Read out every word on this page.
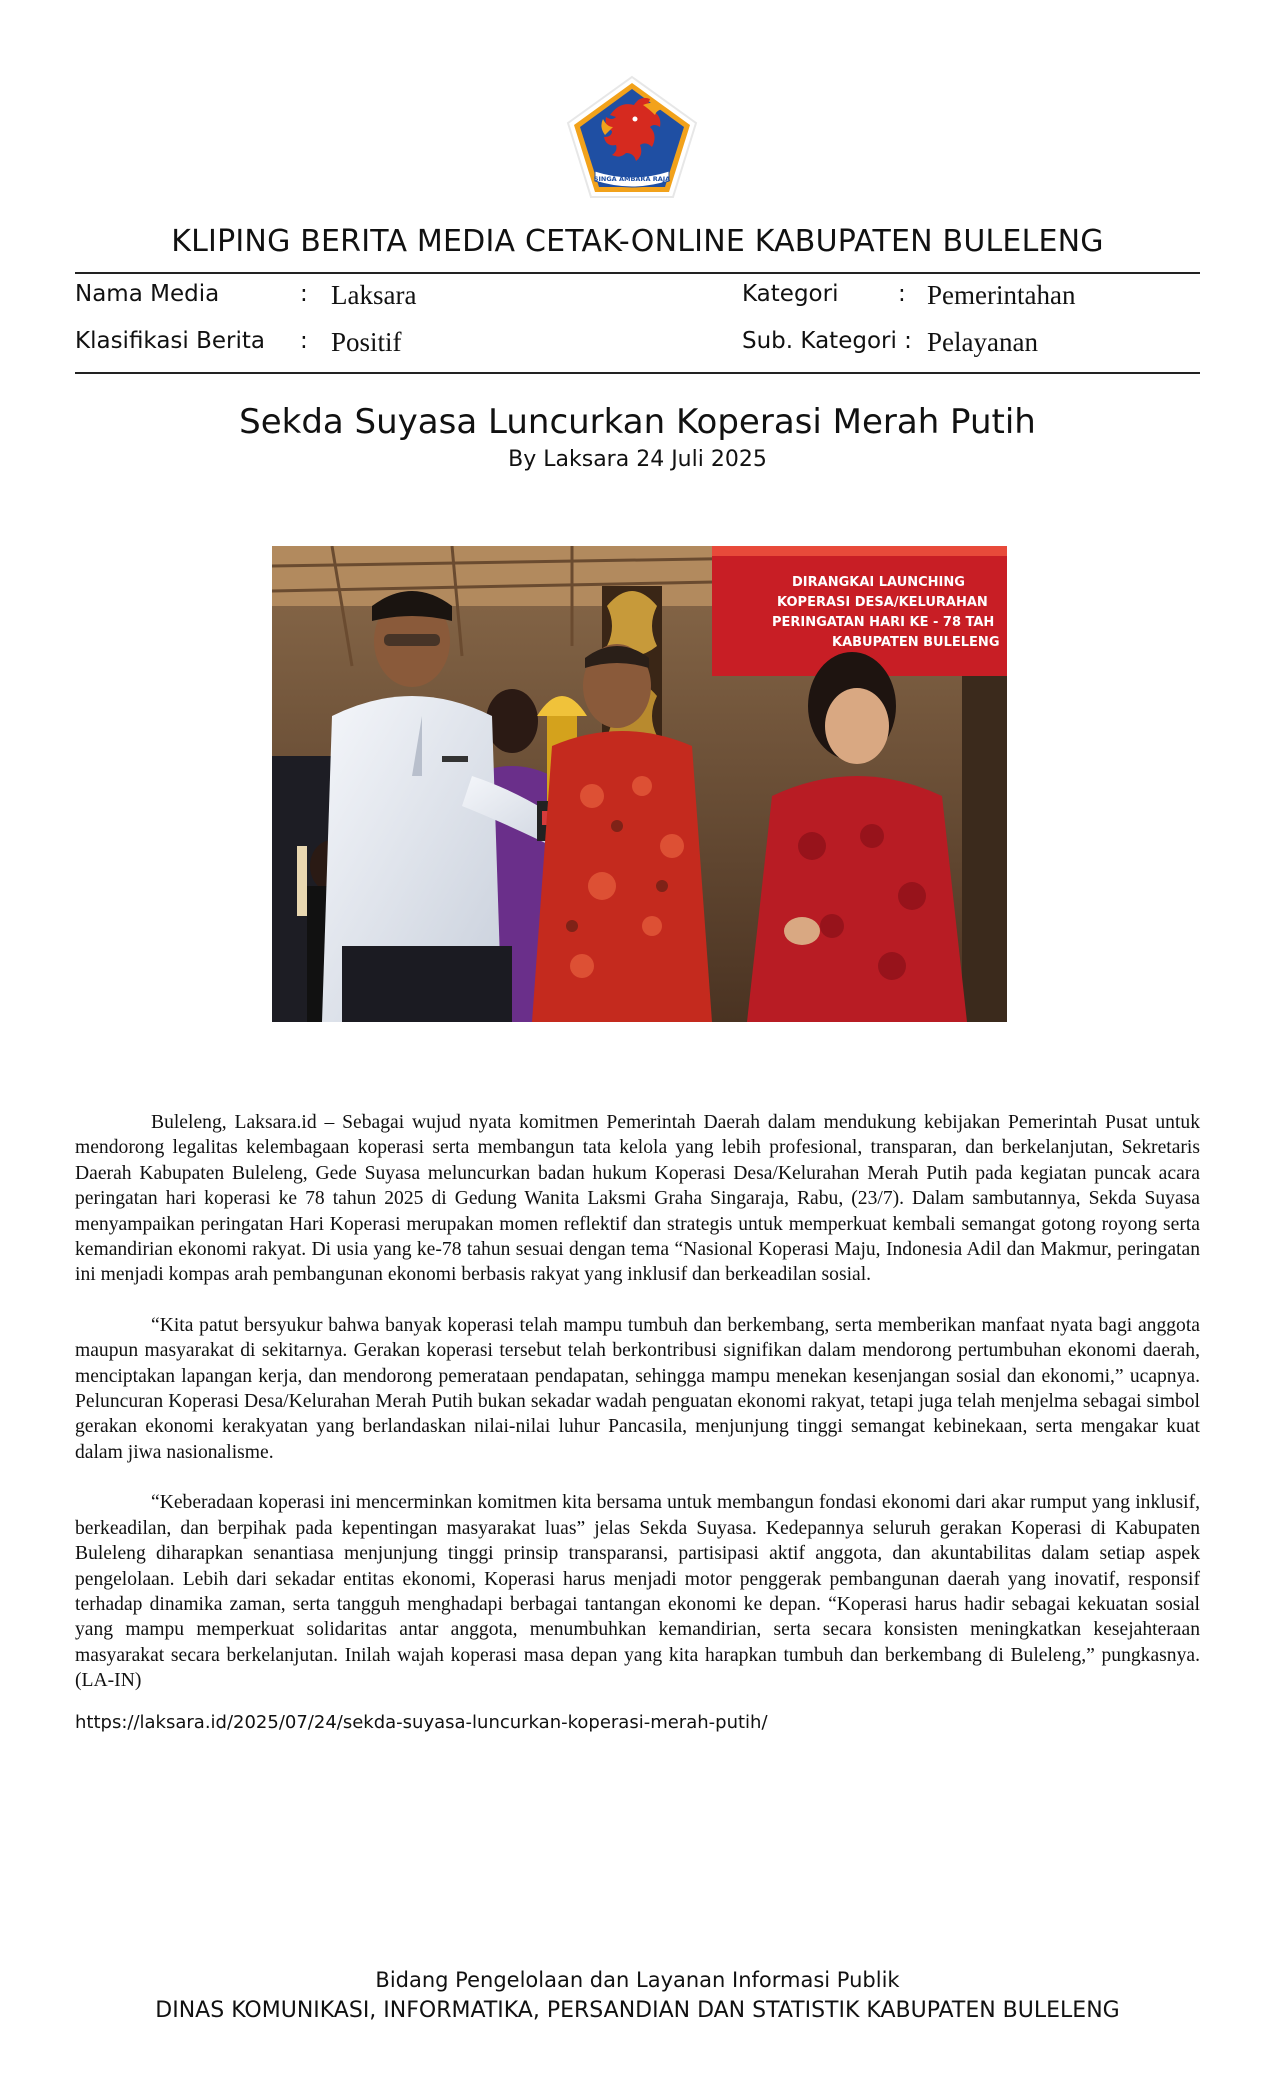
SINGA AMBARA RAJA
KLIPING BERITA MEDIA CETAK-ONLINE KABUPATEN BULELENG
Nama Media	: Laksara
Klasifikasi Berita : Positif
Kategori	: Pemerintahan
Sub. Kategori : Pelayanan
Sekda Suyasa Luncurkan Koperasi Merah Putih
By Laksara 24 Juli 2025
DIRANGKAI LAUNCHING
KOPERASI DESA/KELURAHAN
PERINGATAN HARI KE - 78 TAH
KABUPATEN BULELENG

Buleleng, Laksara.id – Sebagai wujud nyata komitmen Pemerintah Daerah dalam mendukung kebijakan Pemerintah Pusat untuk mendorong legalitas kelembagaan koperasi serta membangun tata kelola yang lebih profesional, transparan, dan berkelanjutan, Sekretaris Daerah Kabupaten Buleleng, Gede Suyasa meluncurkan badan hukum Koperasi Desa/Kelurahan Merah Putih pada kegiatan puncak acara peringatan hari koperasi ke 78 tahun 2025 di Gedung Wanita Laksmi Graha Singaraja, Rabu, (23/7). Dalam sambutannya, Sekda Suyasa menyampaikan peringatan Hari Koperasi merupakan momen reflektif dan strategis untuk memperkuat kembali semangat gotong royong serta kemandirian ekonomi rakyat. Di usia yang ke-78 tahun sesuai dengan tema “Nasional Koperasi Maju, Indonesia Adil dan Makmur, peringatan ini menjadi kompas arah pembangunan ekonomi berbasis rakyat yang inklusif dan berkeadilan sosial.

“Kita patut bersyukur bahwa banyak koperasi telah mampu tumbuh dan berkembang, serta memberikan manfaat nyata bagi anggota maupun masyarakat di sekitarnya. Gerakan koperasi tersebut telah berkontribusi signifikan dalam mendorong pertumbuhan ekonomi daerah, menciptakan lapangan kerja, dan mendorong pemerataan pendapatan, sehingga mampu menekan kesenjangan sosial dan ekonomi,” ucapnya. Peluncuran Koperasi Desa/Kelurahan Merah Putih bukan sekadar wadah penguatan ekonomi rakyat, tetapi juga telah menjelma sebagai simbol gerakan ekonomi kerakyatan yang berlandaskan nilai-nilai luhur Pancasila, menjunjung tinggi semangat kebinekaan, serta mengakar kuat dalam jiwa nasionalisme.

“Keberadaan koperasi ini mencerminkan komitmen kita bersama untuk membangun fondasi ekonomi dari akar rumput yang inklusif, berkeadilan, dan berpihak pada kepentingan masyarakat luas” jelas Sekda Suyasa. Kedepannya seluruh gerakan Koperasi di Kabupaten Buleleng diharapkan senantiasa menjunjung tinggi prinsip transparansi, partisipasi aktif anggota, dan akuntabilitas dalam setiap aspek pengelolaan. Lebih dari sekadar entitas ekonomi, Koperasi harus menjadi motor penggerak pembangunan daerah yang inovatif, responsif terhadap dinamika zaman, serta tangguh menghadapi berbagai tantangan ekonomi ke depan. “Koperasi harus hadir sebagai kekuatan sosial yang mampu memperkuat solidaritas antar anggota, menumbuhkan kemandirian, serta secara konsisten meningkatkan kesejahteraan masyarakat secara berkelanjutan. Inilah wajah koperasi masa depan yang kita harapkan tumbuh dan berkembang di Buleleng,” pungkasnya. (LA-IN)

https://laksara.id/2025/07/24/sekda-suyasa-luncurkan-koperasi-merah-putih/
Bidang Pengelolaan dan Layanan Informasi Publik
DINAS KOMUNIKASI, INFORMATIKA, PERSANDIAN DAN STATISTIK KABUPATEN BULELENG
